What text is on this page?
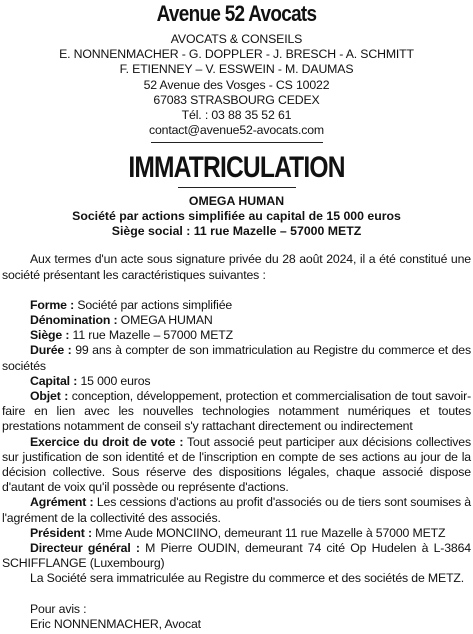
Avenue 52 Avocats
AVOCATS & CONSEILS
E. NONNENMACHER - G. DOPPLER - J. BRESCH - A. SCHMITT
F. ETIENNEY – V. ESSWEIN - M. DAUMAS
52 Avenue des Vosges - CS 10022
67083 STRASBOURG CEDEX
Tél. : 03 88 35 52 61
contact@avenue52-avocats.com
IMMATRICULATION
OMEGA HUMAN
Société par actions simplifiée au capital de 15 000 euros
Siège social : 11 rue Mazelle – 57000 METZ

Aux termes d'un acte sous signature privée du 28 août 2024, il a été constitué une société présentant les caractéristiques suivantes :

Forme : Société par actions simplifiée

Dénomination : OMEGA HUMAN

Siège : 11 rue Mazelle – 57000 METZ

Durée : 99 ans à compter de son immatriculation au Registre du commerce et des sociétés

Capital : 15 000 euros

Objet : conception, développement, protection et commercialisation de tout savoir-faire en lien avec les nouvelles technologies notamment numériques et toutes prestations notamment de conseil s'y rattachant directement ou indirectement

Exercice du droit de vote : Tout associé peut participer aux décisions collectives sur justification de son identité et de l'inscription en compte de ses actions au jour de la décision collective. Sous réserve des dispositions légales, chaque associé dispose d'autant de voix qu'il possède ou représente d'actions.

Agrément : Les cessions d'actions au profit d'associés ou de tiers sont soumises à l'agrément de la collectivité des associés.

Président : Mme Aude MONCIINO, demeurant 11 rue Mazelle à 57000 METZ

Directeur général : M Pierre OUDIN, demeurant 74 cité Op Hudelen à L-3864 SCHIFFLANGE (Luxembourg)

La Société sera immatriculée au Registre du commerce et des sociétés de METZ.

Pour avis :

Eric NONNENMACHER, Avocat
